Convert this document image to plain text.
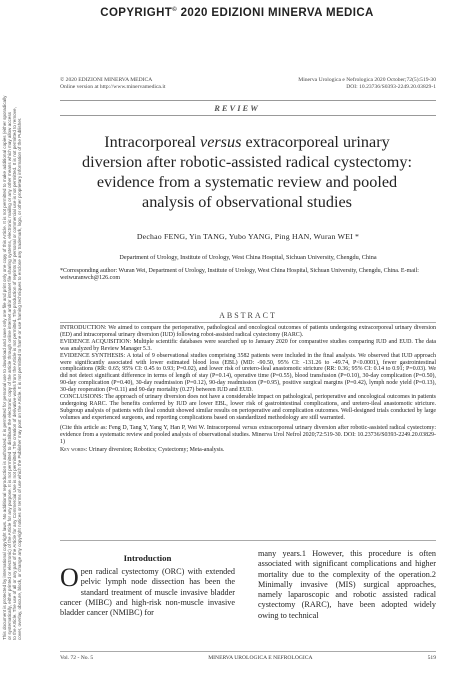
COPYRIGHT© 2020 EDIZIONI MINERVA MEDICA
This document is protected by international copyright laws. No additional reproduction is authorized. It is permitted for personal use to download and save only one file and print only one copy of this Article. It is not permitted to make additional copies (either sporadically or systematically, either printed or electronic) of the Article for any purpose. It is not permitted to distribute the electronic copy of the article through online internet and/or intranet file sharing systems, electronic mailing or any other means which may allow access to the Article. The use of all or any part of the Article for any Commercial Use is not permitted. The creation of derivative works from the Article is not permitted. The production of reprints for personal or commercial use is not permitted. It is not permitted to remove, cover, overlay, obscure, block, or change any copyright notices or terms of use which the Publisher may post on the Article. It is not permitted to frame or use framing techniques to enclose any trademark, logo, or other proprietary information of the Publisher.
© 2020 EDIZIONI MINERVA MEDICA
Online version at http://www.minervamedica.it
Minerva Urologica e Nefrologica 2020 October;72(5):519-30
DOI: 10.23736/S0393-2249.20.03829-1
REVIEW
Intracorporeal versus extracorporeal urinary diversion after robotic-assisted radical cystectomy: evidence from a systematic review and pooled analysis of observational studies
Dechao FENG, Yin TANG, Yubo YANG, Ping HAN, Wuran WEI *
Department of Urology, Institute of Urology, West China Hospital, Sichuan University, Chengdu, China
*Corresponding author: Wuran Wei, Department of Urology, Institute of Urology, West China Hospital, Sichuan University, Chengdu, China. E-mail: weiwuranwch@126.com
ABSTRACT

INTRODUCTION: We aimed to compare the perioperative, pathological and oncological outcomes of patients undergoing extracorporeal urinary diversion (ED) and intracorporeal urinary diversion (IUD) following robot-assisted radical cystectomy (RARC).

EVIDENCE ACQUISITION: Multiple scientific databases were searched up to January 2020 for comparative studies comparing IUD and EUD. The data was analyzed by Review Manager 5.3.

EVIDENCE SYNTHESIS: A total of 9 observational studies comprising 3582 patients were included in the final analysis. We observed that IUD approach were significantly associated with lower estimated blood loss (EBL) (MD: -90.50, 95% CI: -131.26 to -49.74, P<0.0001), fewer gastrointestinal complications (RR: 0.65; 95% CI: 0.45 to 0.93; P=0.02), and lower risk of uretero-ileal anastomotic stricture (RR: 0.36; 95% CI: 0.14 to 0.91; P=0.03). We did not detect significant difference in terms of length of stay (P=0.14), operative time (P=0.55), blood transfusion (P=0.10), 30-day complication (P=0.50), 90-day complication (P=0.40), 30-day readmission (P=0.12), 90-day readmission (P=0.95), positive surgical margins (P=0.42), lymph node yield (P=0.13), 30-day reoperation (P=0.11) and 90-day mortality (0.27) between IUD and EUD.

CONCLUSIONS: The approach of urinary diversion does not have a considerable impact on pathological, perioperative and oncological outcomes in patients undergoing RARC. The benefits conferred by IUD are lower EBL, lower risk of gastrointestinal complications, and uretero-ileal anastomotic stricture. Subgroup analysis of patients with ileal conduit showed similar results on perioperative and complication outcomes. Well-designed trials conducted by large volumes and experienced surgeons, and reporting complications based on standardized methodology are still warranted.

(Cite this article as: Feng D, Tang Y, Yang Y, Han P, Wei W. Intracorporeal versus extracorporeal urinary diversion after robotic-assisted radical cystectomy: evidence from a systematic review and pooled analysis of observational studies. Minerva Urol Nefrol 2020;72:519-30. DOI: 10.23736/S0393-2249.20.03829-1)

Key words: Urinary diversion; Robotics; Cystectomy; Meta-analysis.

Introduction
Open radical cystectomy (ORC) with extended pelvic lymph node dissection has been the standard treatment of muscle invasive bladder cancer (MIBC) and high-risk non-muscle invasive bladder cancer (NMIBC) for
many years.1 However, this procedure is often associated with significant complications and higher mortality due to the complexity of the operation.2 Minimally invasive (MIS) surgical approaches, namely laparoscopic and robotic assisted radical cystectomy (RARC), have been adopted widely owing to technical
Vol. 72 - No. 5	MINERVA UROLOGICA E NEFROLOGICA	519
